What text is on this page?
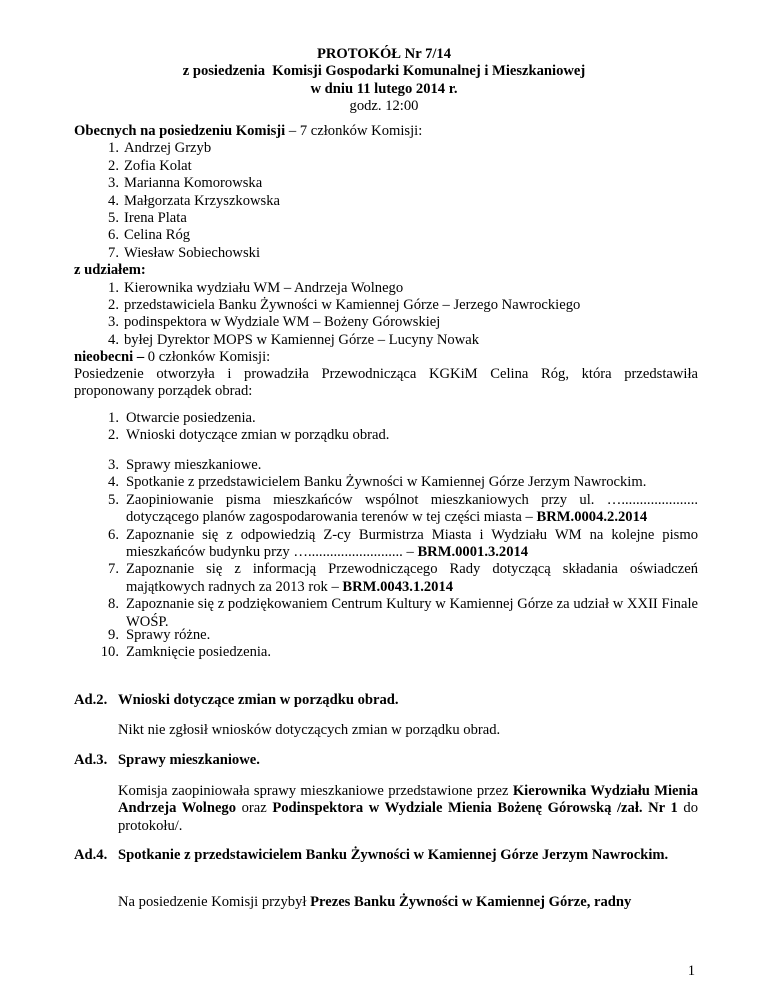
PROTOKÓŁ Nr 7/14
z posiedzenia  Komisji Gospodarki Komunalnej i Mieszkaniowej
w dniu 11 lutego 2014 r.
godz. 12:00
Obecnych na posiedzeniu Komisji – 7 członków Komisji:
1. Andrzej Grzyb
2. Zofia Kolat
3. Marianna Komorowska
4. Małgorzata Krzyszkowska
5. Irena Plata
6. Celina Róg
7. Wiesław Sobiechowski
z udziałem:
1. Kierownika wydziału WM – Andrzeja Wolnego
2. przedstawiciela Banku Żywności w Kamiennej Górze – Jerzego Nawrockiego
3. podinspektora w Wydziale WM – Bożeny Górowskiej
4. byłej Dyrektor MOPS w Kamiennej Górze – Lucyny Nowak
nieobecni – 0 członków Komisji:
Posiedzenie otworzyła i prowadziła Przewodnicząca KGKiM Celina Róg, która przedstawiła proponowany porządek obrad:
1. Otwarcie posiedzenia.
2. Wnioski dotyczące zmian w porządku obrad.
3. Sprawy mieszkaniowe.
4. Spotkanie z przedstawicielem Banku Żywności w Kamiennej Górze Jerzym Nawrockim.
5. Zaopiniowanie pisma mieszkańców wspólnot mieszkaniowych przy ul. …..................... dotyczącego planów zagospodarowania terenów w tej części miasta – BRM.0004.2.2014
6. Zapoznanie się z odpowiedzią Z-cy Burmistrza Miasta i Wydziału WM na kolejne pismo mieszkańców budynku przy ….......................... – BRM.0001.3.2014
7. Zapoznanie się z informacją Przewodniczącego Rady dotyczącą składania oświadczeń majątkowych radnych za 2013 rok – BRM.0043.1.2014
8. Zapoznanie się z podziękowaniem Centrum Kultury w Kamiennej Górze za udział w XXII Finale WOŚP.
9. Sprawy różne.
10. Zamknięcie posiedzenia.
Ad.2. Wnioski dotyczące zmian w porządku obrad.
Nikt nie zgłosił wniosków dotyczących zmian w porządku obrad.
Ad.3. Sprawy mieszkaniowe.
Komisja zaopiniowała sprawy mieszkaniowe przedstawione przez Kierownika Wydziału Mienia Andrzeja Wolnego oraz Podinspektora w Wydziale Mienia Bożenę Górowską /zał. Nr 1 do protokołu/.
Ad.4. Spotkanie z przedstawicielem Banku Żywności w Kamiennej Górze Jerzym Nawrockim.
Na posiedzenie Komisji przybył Prezes Banku Żywności w Kamiennej Górze, radny
1
